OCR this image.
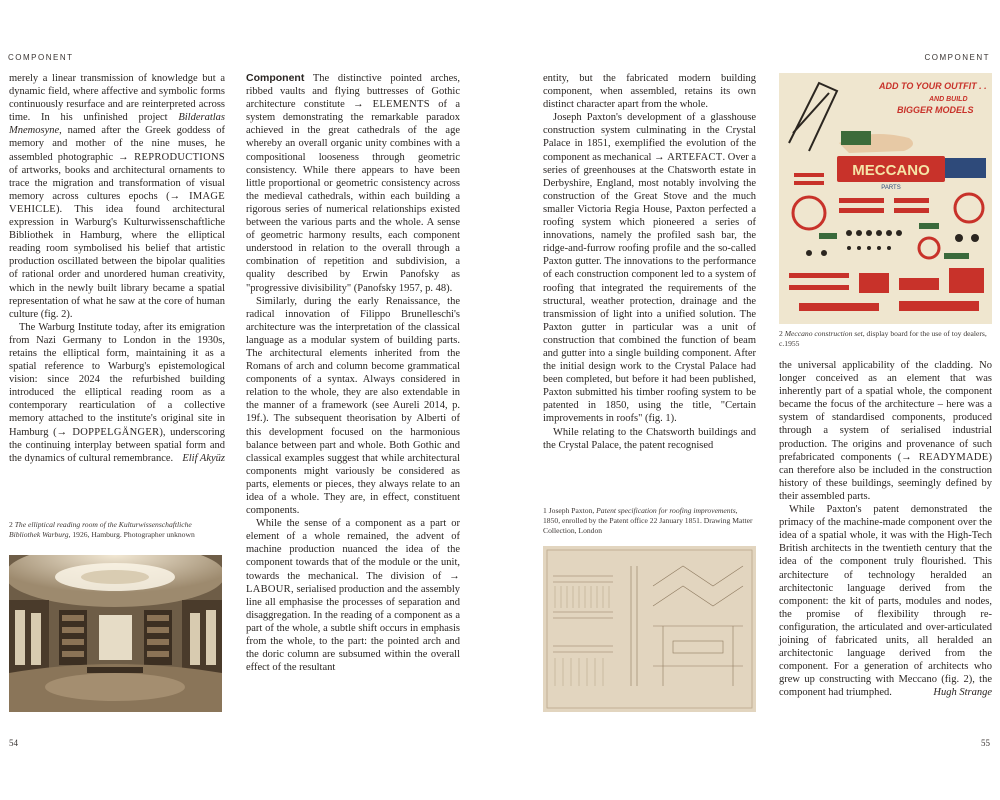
COMPONENT	COMPONENT

merely a linear transmission of knowledge but a dynamic field, where affective and symbolic forms continuously resurface and are reinterpreted across time. In his unfinished project Bilderatlas Mnemosyne, named after the Greek goddess of memory and mother of the nine muses, he assembled photographic → REPRODUCTIONS of artworks, books and architectural ornaments to trace the migration and transformation of visual memory across cultures epochs (→ IMAGE VEHICLE). This idea found architectural expression in Warburg's Kulturwissenschaftliche Bibliothek in Hamburg, where the elliptical reading room symbolised his belief that artistic production oscillated between the bipolar qualities of rational order and unordered human creativity, which in the newly built library became a spatial representation of what he saw at the core of human culture (fig. 2).

The Warburg Institute today, after its emigration from Nazi Germany to London in the 1930s, retains the elliptical form, maintaining it as a spatial reference to Warburg's epistemological vision: since 2024 the refurbished building introduced the elliptical reading room as a contemporary rearticulation of a collective memory attached to the institute's original site in Hamburg (→ DOPPELGÄNGER), underscoring the continuing interplay between spatial form and the dynamics of cultural remembrance. Elif Akyüz

2 The elliptical reading room of the Kulturwissenschaftliche Bibliothek Warburg, 1926, Hamburg. Photographer unknown
54

Component The distinctive pointed arches, ribbed vaults and flying buttresses of Gothic architecture constitute → ELEMENTS of a system demonstrating the remarkable paradox achieved in the great cathedrals of the age whereby an overall organic unity combines with a compositional looseness through geometric consistency. While there appears to have been little proportional or geometric consistency across the medieval cathedrals, within each building a rigorous series of numerical relationships existed between the various parts and the whole. A sense of geometric harmony results, each component understood in relation to the overall through a combination of repetition and subdivision, a quality described by Erwin Panofsky as "progressive divisibility" (Panofsky 1957, p. 48).

Similarly, during the early Renaissance, the radical innovation of Filippo Brunelleschi's architecture was the interpretation of the classical language as a modular system of building parts. The architectural elements inherited from the Romans of arch and column become grammatical components of a syntax. Always considered in relation to the whole, they are also extendable in the manner of a framework (see Aureli 2014, p. 19f.). The subsequent theorisation by Alberti of this development focused on the harmonious balance between part and whole. Both Gothic and classical examples suggest that while architectural components might variously be considered as parts, elements or pieces, they always relate to an idea of a whole. They are, in effect, constituent components.

While the sense of a component as a part or element of a whole remained, the advent of machine production nuanced the idea of the component towards that of the module or the unit, towards the mechanical. The division of → LABOUR, serialised production and the assembly line all emphasise the processes of separation and disaggregation. In the reading of a component as a part of the whole, a subtle shift occurs in emphasis from the whole, to the part: the pointed arch and the doric column are subsumed within the overall effect of the resultant

entity, but the fabricated modern building component, when assembled, retains its own distinct character apart from the whole.

Joseph Paxton's development of a glasshouse construction system culminating in the Crystal Palace in 1851, exemplified the evolution of the component as mechanical → ARTEFACT. Over a series of greenhouses at the Chatsworth estate in Derbyshire, England, most notably involving the construction of the Great Stove and the much smaller Victoria Regia House, Paxton perfected a roofing system which pioneered a series of innovations, namely the profiled sash bar, the ridge-and-furrow roofing profile and the so-called Paxton gutter. The innovations to the performance of each construction component led to a system of roofing that integrated the requirements of the structural, weather protection, drainage and the transmission of light into a unified solution. The Paxton gutter in particular was a unit of construction that combined the function of beam and gutter into a single building component. After the initial design work to the Crystal Palace had been completed, but before it had been published, Paxton submitted his timber roofing system to be patented in 1850, using the title, "Certain improvements in roofs" (fig. 1).

While relating to the Chatsworth buildings and the Crystal Palace, the patent recognised

1 Joseph Paxton, Patent specification for roofing improvements, 1850, enrolled by the Patent office 22 January 1851. Drawing Matter Collection, London
ADD TO YOUR OUTFIT . .
AND BUILD
BIGGER MODELS
MECCANO
PARTS
2 Meccano construction set, display board for the use of toy dealers, c.1955

the universal applicability of the cladding. No longer conceived as an element that was inherently part of a spatial whole, the component became the focus of the architecture – here was a system of standardised components, produced through a system of serialised industrial production. The origins and provenance of such prefabricated components (→ READYMADE) can therefore also be included in the construction history of these buildings, seemingly defined by their assembled parts.

While Paxton's patent demonstrated the primacy of the machine-made component over the idea of a spatial whole, it was with the High-Tech British architects in the twentieth century that the idea of the component truly flourished. This architecture of technology heralded an architectonic language derived from the component: the kit of parts, modules and nodes, the promise of flexibility through re-configuration, the articulated and over-articulated joining of fabricated units, all heralded an architectonic language derived from the component. For a generation of architects who grew up constructing with Meccano (fig. 2), the component had triumphed.	Hugh Strange

55
